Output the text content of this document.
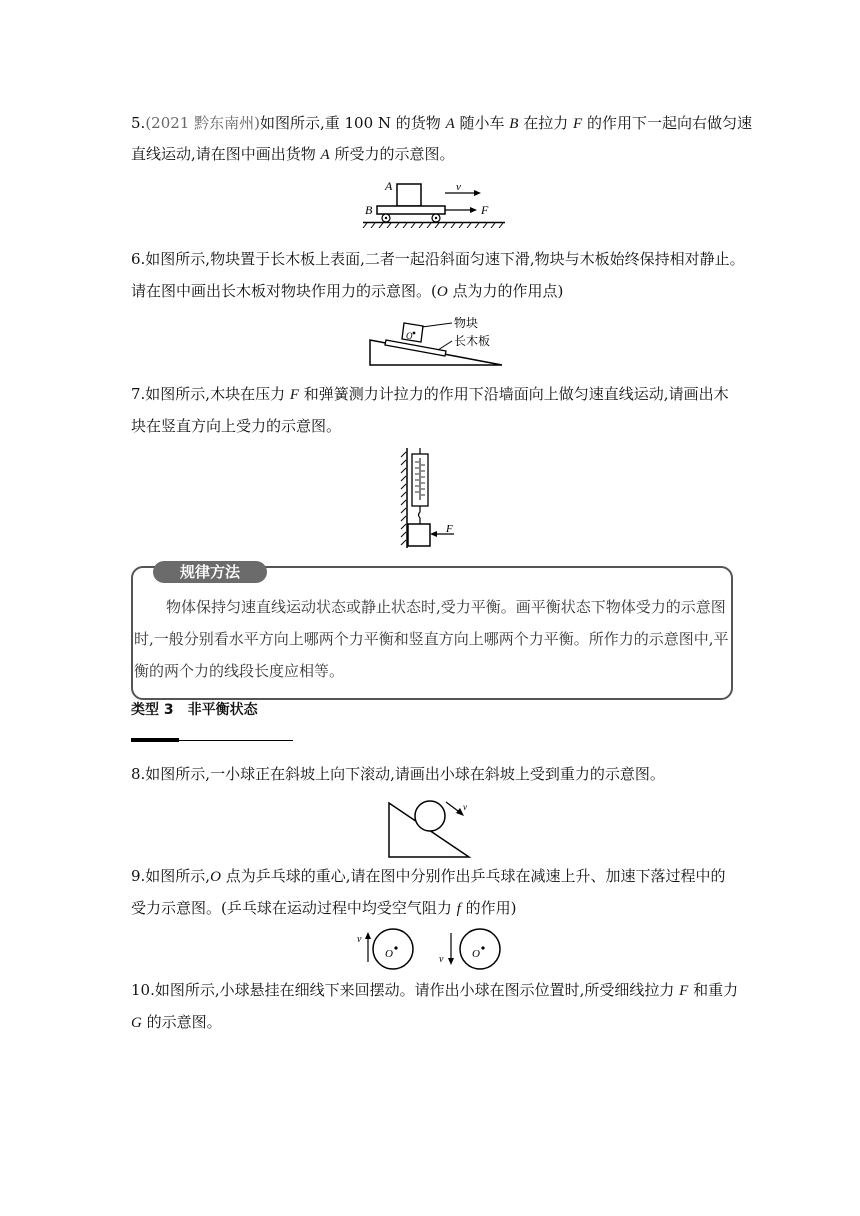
5.(2021 黔东南州)如图所示,重 100 N 的货物 A 随小车 B 在拉力 F 的作用下一起向右做匀速
直线运动,请在图中画出货物 A 所受力的示意图。
A
B
v
F
6.如图所示,物块置于长木板上表面,二者一起沿斜面匀速下滑,物块与木板始终保持相对静止。
请在图中画出长木板对物块作用力的示意图。(O 点为力的作用点)
O
物块
长木板
7.如图所示,木块在压力 F 和弹簧测力计拉力的作用下沿墙面向上做匀速直线运动,请画出木
块在竖直方向上受力的示意图。
F
规律方法
物体保持匀速直线运动状态或静止状态时,受力平衡。画平衡状态下物体受力的示意图
时,一般分别看水平方向上哪两个力平衡和竖直方向上哪两个力平衡。所作力的示意图中,平
衡的两个力的线段长度应相等。
类型 3　非平衡状态
8.如图所示,一小球正在斜坡上向下滚动,请画出小球在斜坡上受到重力的示意图。
v
9.如图所示,O 点为乒乓球的重心,请在图中分别作出乒乓球在减速上升、加速下落过程中的
受力示意图。(乒乓球在运动过程中均受空气阻力 f 的作用)
v
O	v	O
10.如图所示,小球悬挂在细线下来回摆动。请作出小球在图示位置时,所受细线拉力 F 和重力
G 的示意图。
